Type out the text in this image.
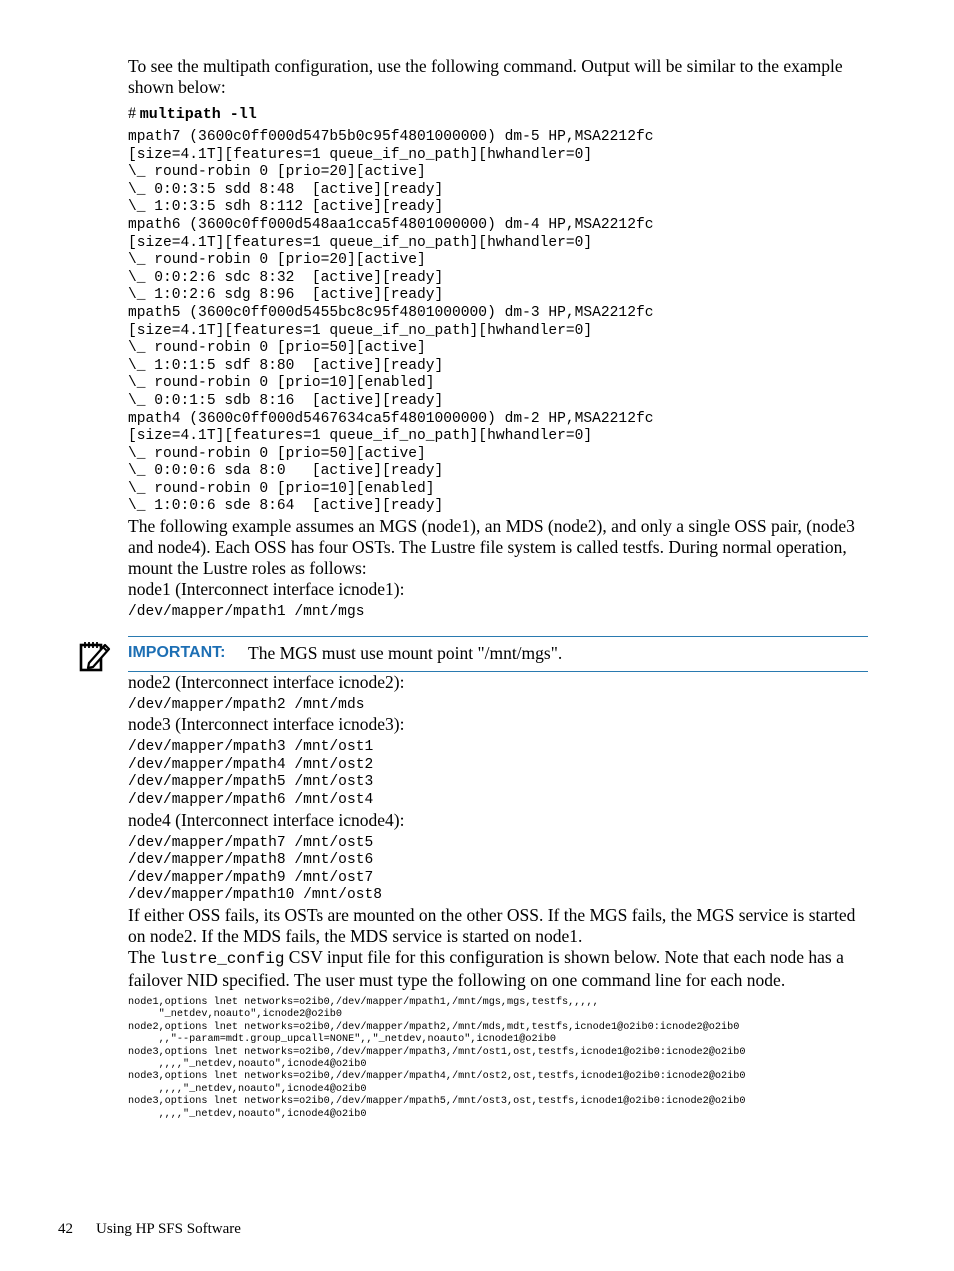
To see the multipath configuration, use the following command. Output will be similar to the example shown below:

# multipath -ll
mpath7 (3600c0ff000d547b5b0c95f4801000000) dm-5 HP,MSA2212fc
[size=4.1T][features=1 queue_if_no_path][hwhandler=0]
\_ round-robin 0 [prio=20][active]
\_ 0:0:3:5 sdd 8:48  [active][ready]
\_ 1:0:3:5 sdh 8:112 [active][ready]
mpath6 (3600c0ff000d548aa1cca5f4801000000) dm-4 HP,MSA2212fc
[size=4.1T][features=1 queue_if_no_path][hwhandler=0]
\_ round-robin 0 [prio=20][active]
\_ 0:0:2:6 sdc 8:32  [active][ready]
\_ 1:0:2:6 sdg 8:96  [active][ready]
mpath5 (3600c0ff000d5455bc8c95f4801000000) dm-3 HP,MSA2212fc
[size=4.1T][features=1 queue_if_no_path][hwhandler=0]
\_ round-robin 0 [prio=50][active]
\_ 1:0:1:5 sdf 8:80  [active][ready]
\_ round-robin 0 [prio=10][enabled]
\_ 0:0:1:5 sdb 8:16  [active][ready]
mpath4 (3600c0ff000d5467634ca5f4801000000) dm-2 HP,MSA2212fc
[size=4.1T][features=1 queue_if_no_path][hwhandler=0]
\_ round-robin 0 [prio=50][active]
\_ 0:0:0:6 sda 8:0   [active][ready]
\_ round-robin 0 [prio=10][enabled]
\_ 1:0:0:6 sde 8:64  [active][ready]

The following example assumes an MGS (node1), an MDS (node2), and only a single OSS pair, (node3 and node4). Each OSS has four OSTs. The Lustre file system is called testfs. During normal operation, mount the Lustre roles as follows:

node1 (Interconnect interface icnode1):

/dev/mapper/mpath1 /mnt/mgs
IMPORTANT: The MGS must use mount point "/mnt/mgs".

node2 (Interconnect interface icnode2):

/dev/mapper/mpath2 /mnt/mds

node3 (Interconnect interface icnode3):

/dev/mapper/mpath3 /mnt/ost1
/dev/mapper/mpath4 /mnt/ost2
/dev/mapper/mpath5 /mnt/ost3
/dev/mapper/mpath6 /mnt/ost4

node4 (Interconnect interface icnode4):

/dev/mapper/mpath7 /mnt/ost5
/dev/mapper/mpath8 /mnt/ost6
/dev/mapper/mpath9 /mnt/ost7
/dev/mapper/mpath10 /mnt/ost8

If either OSS fails, its OSTs are mounted on the other OSS. If the MGS fails, the MGS service is started on node2. If the MDS fails, the MDS service is started on node1.

The lustre_config CSV input file for this configuration is shown below. Note that each node has a failover NID specified. The user must type the following on one command line for each node.

node1,options lnet networks=o2ib0,/dev/mapper/mpath1,/mnt/mgs,mgs,testfs,,,,,
"_netdev,noauto",icnode2@o2ib0
node2,options lnet networks=o2ib0,/dev/mapper/mpath2,/mnt/mds,mdt,testfs,icnode1@o2ib0:icnode2@o2ib0
,,"--param=mdt.group_upcall=NONE",,"_netdev,noauto",icnode1@o2ib0
node3,options lnet networks=o2ib0,/dev/mapper/mpath3,/mnt/ost1,ost,testfs,icnode1@o2ib0:icnode2@o2ib0
,,,,"_netdev,noauto",icnode4@o2ib0
node3,options lnet networks=o2ib0,/dev/mapper/mpath4,/mnt/ost2,ost,testfs,icnode1@o2ib0:icnode2@o2ib0
,,,,"_netdev,noauto",icnode4@o2ib0
node3,options lnet networks=o2ib0,/dev/mapper/mpath5,/mnt/ost3,ost,testfs,icnode1@o2ib0:icnode2@o2ib0
,,,,"_netdev,noauto",icnode4@o2ib0
42 Using HP SFS Software
